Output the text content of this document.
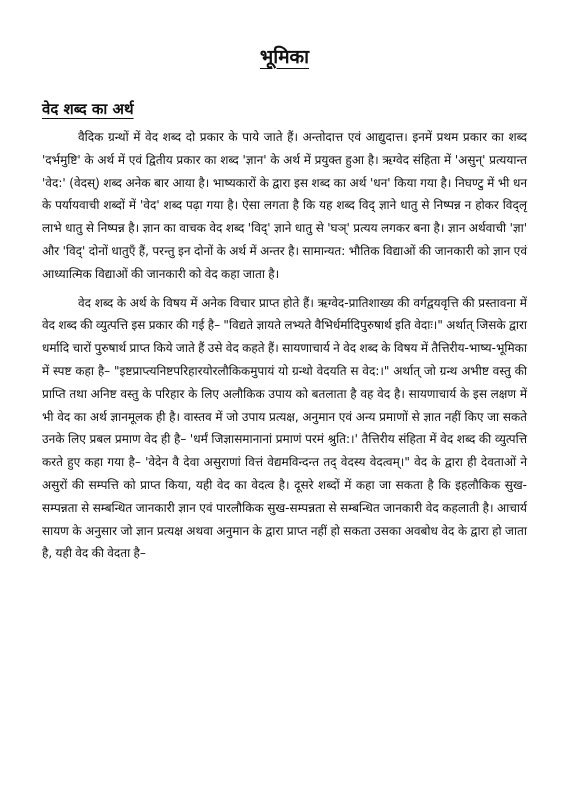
भूमिका
वेद शब्द का अर्थ

वैदिक ग्रन्थों में वेद शब्द दो प्रकार के पाये जाते हैं। अन्तोदात्त एवं आद्युदात्त। इनमें प्रथम प्रकार का शब्द 'दर्भमुष्टि' के अर्थ में एवं द्वितीय प्रकार का शब्द 'ज्ञान' के अर्थ में प्रयुक्त हुआ है। ऋग्वेद संहिता में 'असुन्' प्रत्ययान्त 'वेद:' (वेदस्) शब्द अनेक बार आया है। भाष्यकारों के द्वारा इस शब्द का अर्थ 'धन' किया गया है। निघण्टु में भी धन के पर्यायवाची शब्दों में 'वेद' शब्द पढ़ा गया है। ऐसा लगता है कि यह शब्द विद् ज्ञाने धातु से निष्पन्न न होकर विद्लृ लाभे धातु से निष्पन्न है। ज्ञान का वाचक वेद शब्द 'विद्' ज्ञाने धातु से 'घञ्' प्रत्यय लगकर बना है। ज्ञान अर्थवाची 'ज्ञा' और 'विद्' दोनों धातुएँ हैं, परन्तु इन दोनों के अर्थ में अन्तर है। सामान्यत: भौतिक विद्याओं की जानकारी को ज्ञान एवं आध्यात्मिक विद्याओं की जानकारी को वेद कहा जाता है।

वेद शब्द के अर्थ के विषय में अनेक विचार प्राप्त होते हैं। ऋग्वेद-प्रातिशाख्य की वर्गद्वयवृत्ति की प्रस्तावना में वेद शब्द की व्युत्पत्ति इस प्रकार की गई है– "विद्यते ज्ञायते लभ्यते वैभिर्धर्मादिपुरुषार्थ इति वेदाः।" अर्थात् जिसके द्वारा धर्मादि चारों पुरुषार्थ प्राप्त किये जाते हैं उसे वेद कहते हैं। सायणाचार्य ने वेद शब्द के विषय में तैत्तिरीय-भाष्य-भूमिका में स्पष्ट कहा है– "इष्टप्राप्त्यनिष्टपरिहारयोरलौकिकमुपायं यो ग्रन्थो वेदयति स वेद:।" अर्थात् जो ग्रन्थ अभीष्ट वस्तु की प्राप्ति तथा अनिष्ट वस्तु के परिहार के लिए अलौकिक उपाय को बतलाता है वह वेद है। सायणाचार्य के इस लक्षण में भी वेद का अर्थ ज्ञानमूलक ही है। वास्तव में जो उपाय प्रत्यक्ष, अनुमान एवं अन्य प्रमाणों से ज्ञात नहीं किए जा सकते उनके लिए प्रबल प्रमाण वेद ही है– 'धर्मं जिज्ञासमानानां प्रमाणं परमं श्रुति:।' तैत्तिरीय संहिता में वेद शब्द की व्युत्पत्ति करते हुए कहा गया है– 'वेदेन वै देवा असुराणां वित्तं वेद्यमविन्दन्त तद् वेदस्य वेदत्वम्।" वेद के द्वारा ही देवताओं ने असुरों की सम्पत्ति को प्राप्त किया, यही वेद का वेदत्व है। दूसरे शब्दों में कहा जा सकता है कि इहलौकिक सुख-सम्पन्नता से सम्बन्धित जानकारी ज्ञान एवं पारलौकिक सुख-सम्पन्नता से सम्बन्धित जानकारी वेद कहलाती है। आचार्य सायण के अनुसार जो ज्ञान प्रत्यक्ष अथवा अनुमान के द्वारा प्राप्त नहीं हो सकता उसका अवबोध वेद के द्वारा हो जाता है, यही वेद की वेदता है–
